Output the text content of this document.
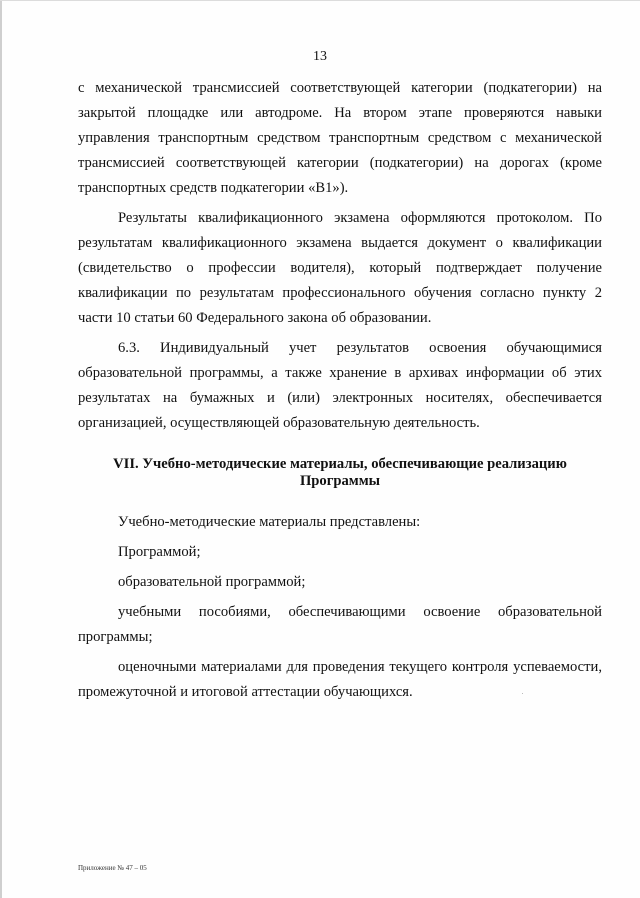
13

с механической трансмиссией соответствующей категории (подкатегории) на закрытой площадке или автодроме. На втором этапе проверяются навыки управления транспортным средством транспортным средством с механической трансмиссией соответствующей категории (подкатегории) на дорогах (кроме транспортных средств подкатегории «В1»).

Результаты квалификационного экзамена оформляются протоколом. По результатам квалификационного экзамена выдается документ о квалификации (свидетельство о профессии водителя), который подтверждает получение квалификации по результатам профессионального обучения согласно пункту 2 части 10 статьи 60 Федерального закона об образовании.

6.3. Индивидуальный учет результатов освоения обучающимися образовательной программы, а также хранение в архивах информации об этих результатах на бумажных и (или) электронных носителях, обеспечивается организацией, осуществляющей образовательную деятельность.

VII. Учебно-методические материалы, обеспечивающие реализацию
Программы

Учебно-методические материалы представлены:

Программой;

образовательной программой;

учебными пособиями, обеспечивающими освоение образовательной программы;

оценочными материалами для проведения текущего контроля успеваемости, промежуточной и итоговой аттестации обучающихся.

Приложение № 47 – 05
